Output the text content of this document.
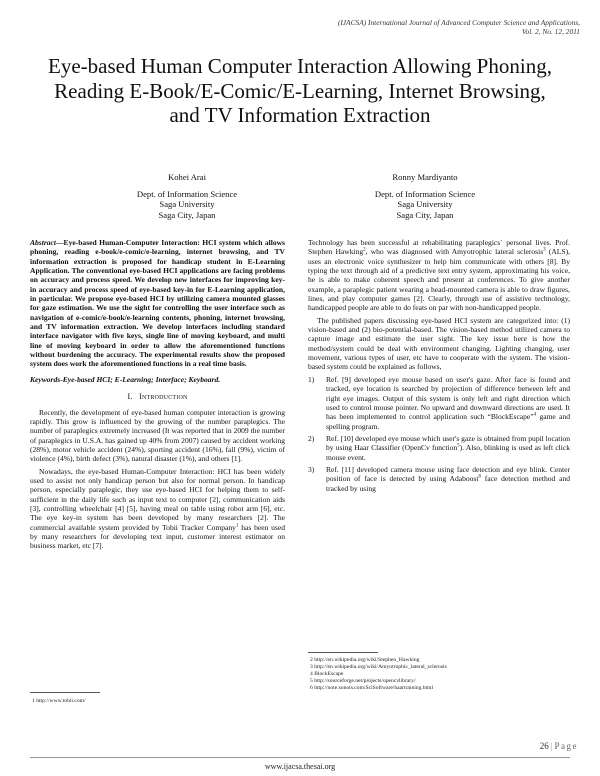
(IJACSA) International Journal of Advanced Computer Science and Applications,
Vol. 2, No. 12, 2011
Eye-based Human Computer Interaction Allowing Phoning, Reading E-Book/E-Comic/E-Learning, Internet Browsing, and TV Information Extraction
Kohei Arai
Dept. of Information Science
Saga University
Saga City, Japan
Ronny Mardiyanto
Dept. of Information Science
Saga University
Saga City, Japan

Abstract—Eye-based Human-Computer Interaction: HCI system which allows phoning, reading e-book/e-comic/e-learning, internet browsing, and TV information extraction is proposed for handicap student in E-Learning Application. The conventional eye-based HCI applications are facing problems on accuracy and process speed. We develop new interfaces for improving key-in accuracy and process speed of eye-based key-in for E-Learning application, in particular. We propose eye-based HCI by utilizing camera mounted glasses for gaze estimation. We use the sight for controlling the user interface such as navigation of e-comic/e-book/e-learning contents, phoning, internet browsing, and TV information extraction. We develop interfaces including standard interface navigator with five keys, single line of moving keyboard, and multi line of moving keyboard in order to allow the aforementioned functions without burdening the accuracy. The experimental results show the proposed system does work the aforementioned functions in a real time basis.

Keywords-Eye-based HCI; E-Learning; Interface; Keyboard.

I. Introduction

Recently, the development of eye-based human computer interaction is growing rapidly. This grow is influenced by the growing of the number paraplegics. The number of paraplegics extremely increased (It was reported that in 2009 the number of paraplegics in U.S.A. has gained up 40% from 2007) caused by accident working (28%), motor vehicle accident (24%), sporting accident (16%), fall (9%), victim of violence (4%), birth defect (3%), natural disaster (1%), and others [1].

Nowadays, the eye-based Human-Computer Interaction: HCI has been widely used to assist not only handicap person but also for normal person. In handicap person, especially paraplegic, they use eye-based HCI for helping them to self-sufficient in the daily life such as input text to computer [2], communication aids [3], controlling wheelchair [4] [5], having meal on table using robot arm [6], etc. The eye key-in system has been developed by many researchers [2]. The commercial available system provided by Tobii Tracker Company$^1$ has been used by many researchers for developing text input, customer interest estimator on business market, etc [7].

1 http://www.tobii.com/

Technology has been successful at rehabilitating paraplegics` personal lives. Prof. Stephen Hawking$^2$, who was diagnosed with Amyotrophic lateral sclerosis$^3$ (ALS), uses an electronic voice synthesizer to help him communicate with others [8]. By typing the text through aid of a predictive text entry system, approximating his voice, he is able to make coherent speech and present at conferences. To give another example, a paraplegic patient wearing a head-mounted camera is able to draw figures, lines, and play computer games [2]. Clearly, through use of assistive technology, handicapped people are able to do feats on par with non-handicapped people.

The published papers discussing eye-based HCI system are categorized into: (1) vision-based and (2) bio-potential-based. The vision-based method utilized camera to capture image and estimate the user sight. The key issue here is how the method/system could be deal with environment changing. Lighting changing, user movement, various types of user, etc have to cooperate with the system. The vision-based system could be explained as follows,

1) Ref. [9] developed eye mouse based on user's gaze. After face is found and tracked, eye location is searched by projection of difference between left and right eye images. Output of this system is only left and right direction which used to control mouse pointer. No upward and downward directions are used. It has been implemented to control application such “BlockEscape”$^4$ game and spelling program.
2) Ref. [10] developed eye mouse which user's gaze is obtained from pupil location by using Haar Classifier (OpenCv function$^5$). Also, blinking is used as left click mouse event.
3) Ref. [11] developed camera mouse using face detection and eye blink. Center position of face is detected by using Adaboost$^6$ face detection method and tracked by using
2 http://en.wikipedia.org/wiki/Stephen_Hawking
3 http://en.wikipedia.org/wiki/Amyotrophic_lateral_sclerosis
4 BlockEscape
5 http://sourceforge.net/projects/opencvlibrary/
6 http://note.sonots.com/SciSoftware/haartraining.html
26 | Page
www.ijacsa.thesai.org
